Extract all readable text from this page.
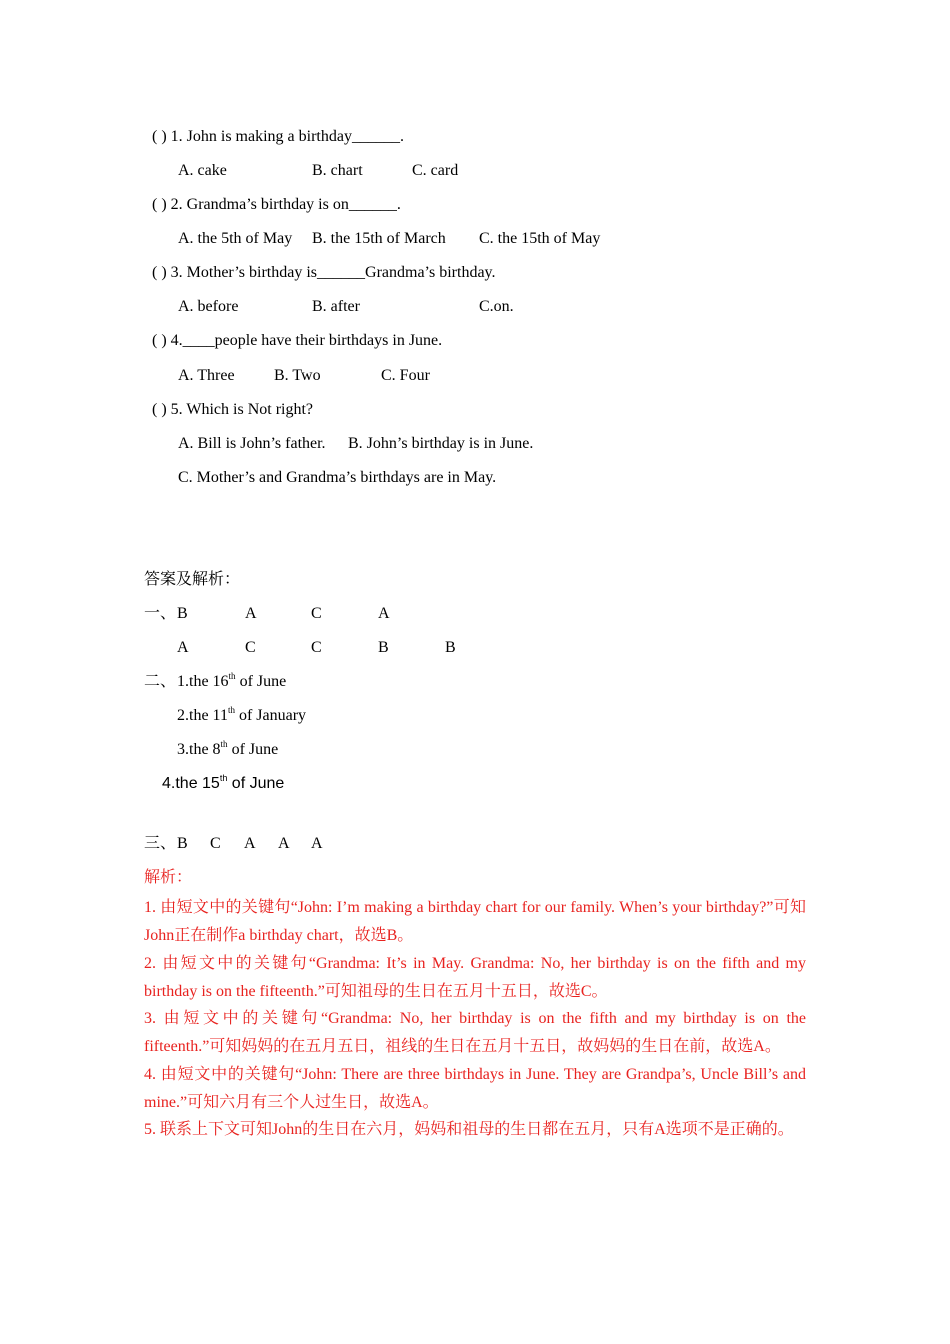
( ) 1. John is making a birthday______.
A. cake	B. chart	C. card
( ) 2. Grandma’s birthday is on______.
A. the 5th of May B. the 15th of March C. the 15th of May
( ) 3. Mother’s birthday is______Grandma’s birthday.
A. before	B. after	C.on.
( ) 4.____people have their birthdays in June.
A. Three B. Two	C. Four
( ) 5. Which is Not right?
A. Bill is John’s father. B. John’s birthday is in June.
C. Mother’s and Grandma’s birthdays are in May.
答案及解析：
一、 B	A	C	A
A	C	C	B	B
二、 1.the 16th of June
2.the 11th of January
3.the 8th of June
4.the 15th of June
三、 B C A A A
解析：
1. 由短文中的关键句“John: I’m making a birthday chart for our family. When’s your birthday?”可知John正在制作a birthday chart，故选B。
2. 由短文中的关键句“Grandma: It’s in May. Grandma: No, her birthday is on the fifth and my birthday is on the fifteenth.”可知祖母的生日在五月十五日，故选C。
3. 由短文中的关键句“Grandma: No, her birthday is on the fifth and my birthday is on the fifteenth.”可知妈妈的在五月五日，祖线的生日在五月十五日，故妈妈的生日在前，故选A。
4. 由短文中的关键句“John: There are three birthdays in June. They are Grandpa’s, Uncle Bill’s and mine.”可知六月有三个人过生日，故选A。
5. 联系上下文可知John的生日在六月，妈妈和祖母的生日都在五月，只有A选项不是正确的。
